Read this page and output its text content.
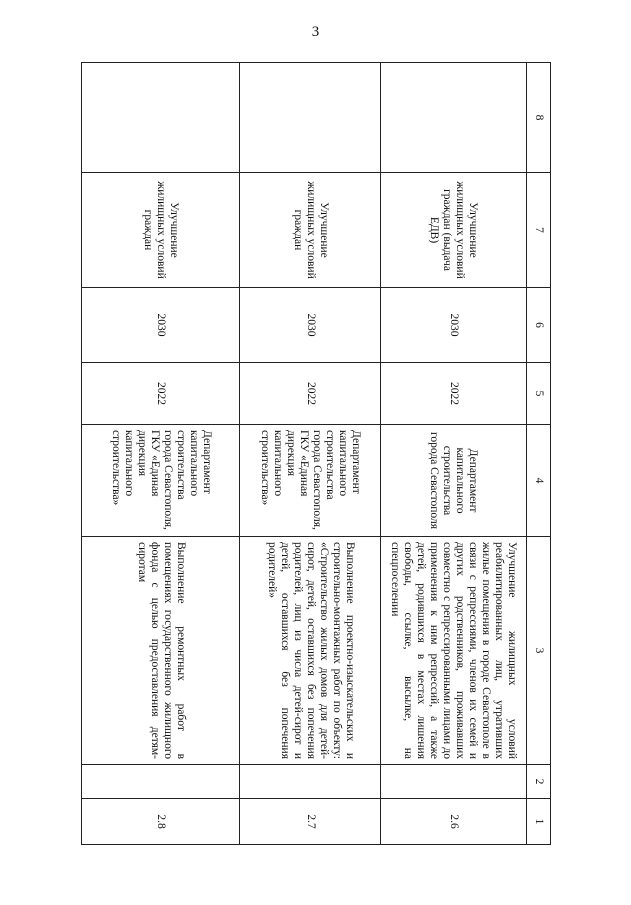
3
8	7	6	5	4	3	2	1
	Улучшение жилищных условий граждан (выдача ЕДВ)	2030	2022	Департамент капитального строительства города Севастополя	Улучшение жилищных условий реабилитированных лиц, утративших жилые помещения в городе Севастополе в связи с репрессиями, членов их семей и других родственников, проживавших совместно с репрессированными лицами до применения к ним репрессий, а также детей, родившихся в местах лишения свободы, ссылке, высылке, на спецпоселении		2.6
	Улучшение жилищных условий граждан	2030	2022	Департамент капитального строительства города Севастополя, ГКУ «Единая дирекция капитального строительства»	Выполнение проектно-изыскательских и строительно-монтажных работ по объекту: «Строительство жилых домов для детей-сирот, детей, оставшихся без попечения родителей, лиц из числа детей-сирот и детей, оставшихся без попечения родителей»		2.7
	Улучшение жилищных условий граждан	2030	2022	Департамент капитального строительства города Севастополя, ГКУ «Единая дирекция капитального строительства»	Выполнение ремонтных работ в помещениях государственного жилищного фонда с целью предоставления детям-сиротам		2.8
